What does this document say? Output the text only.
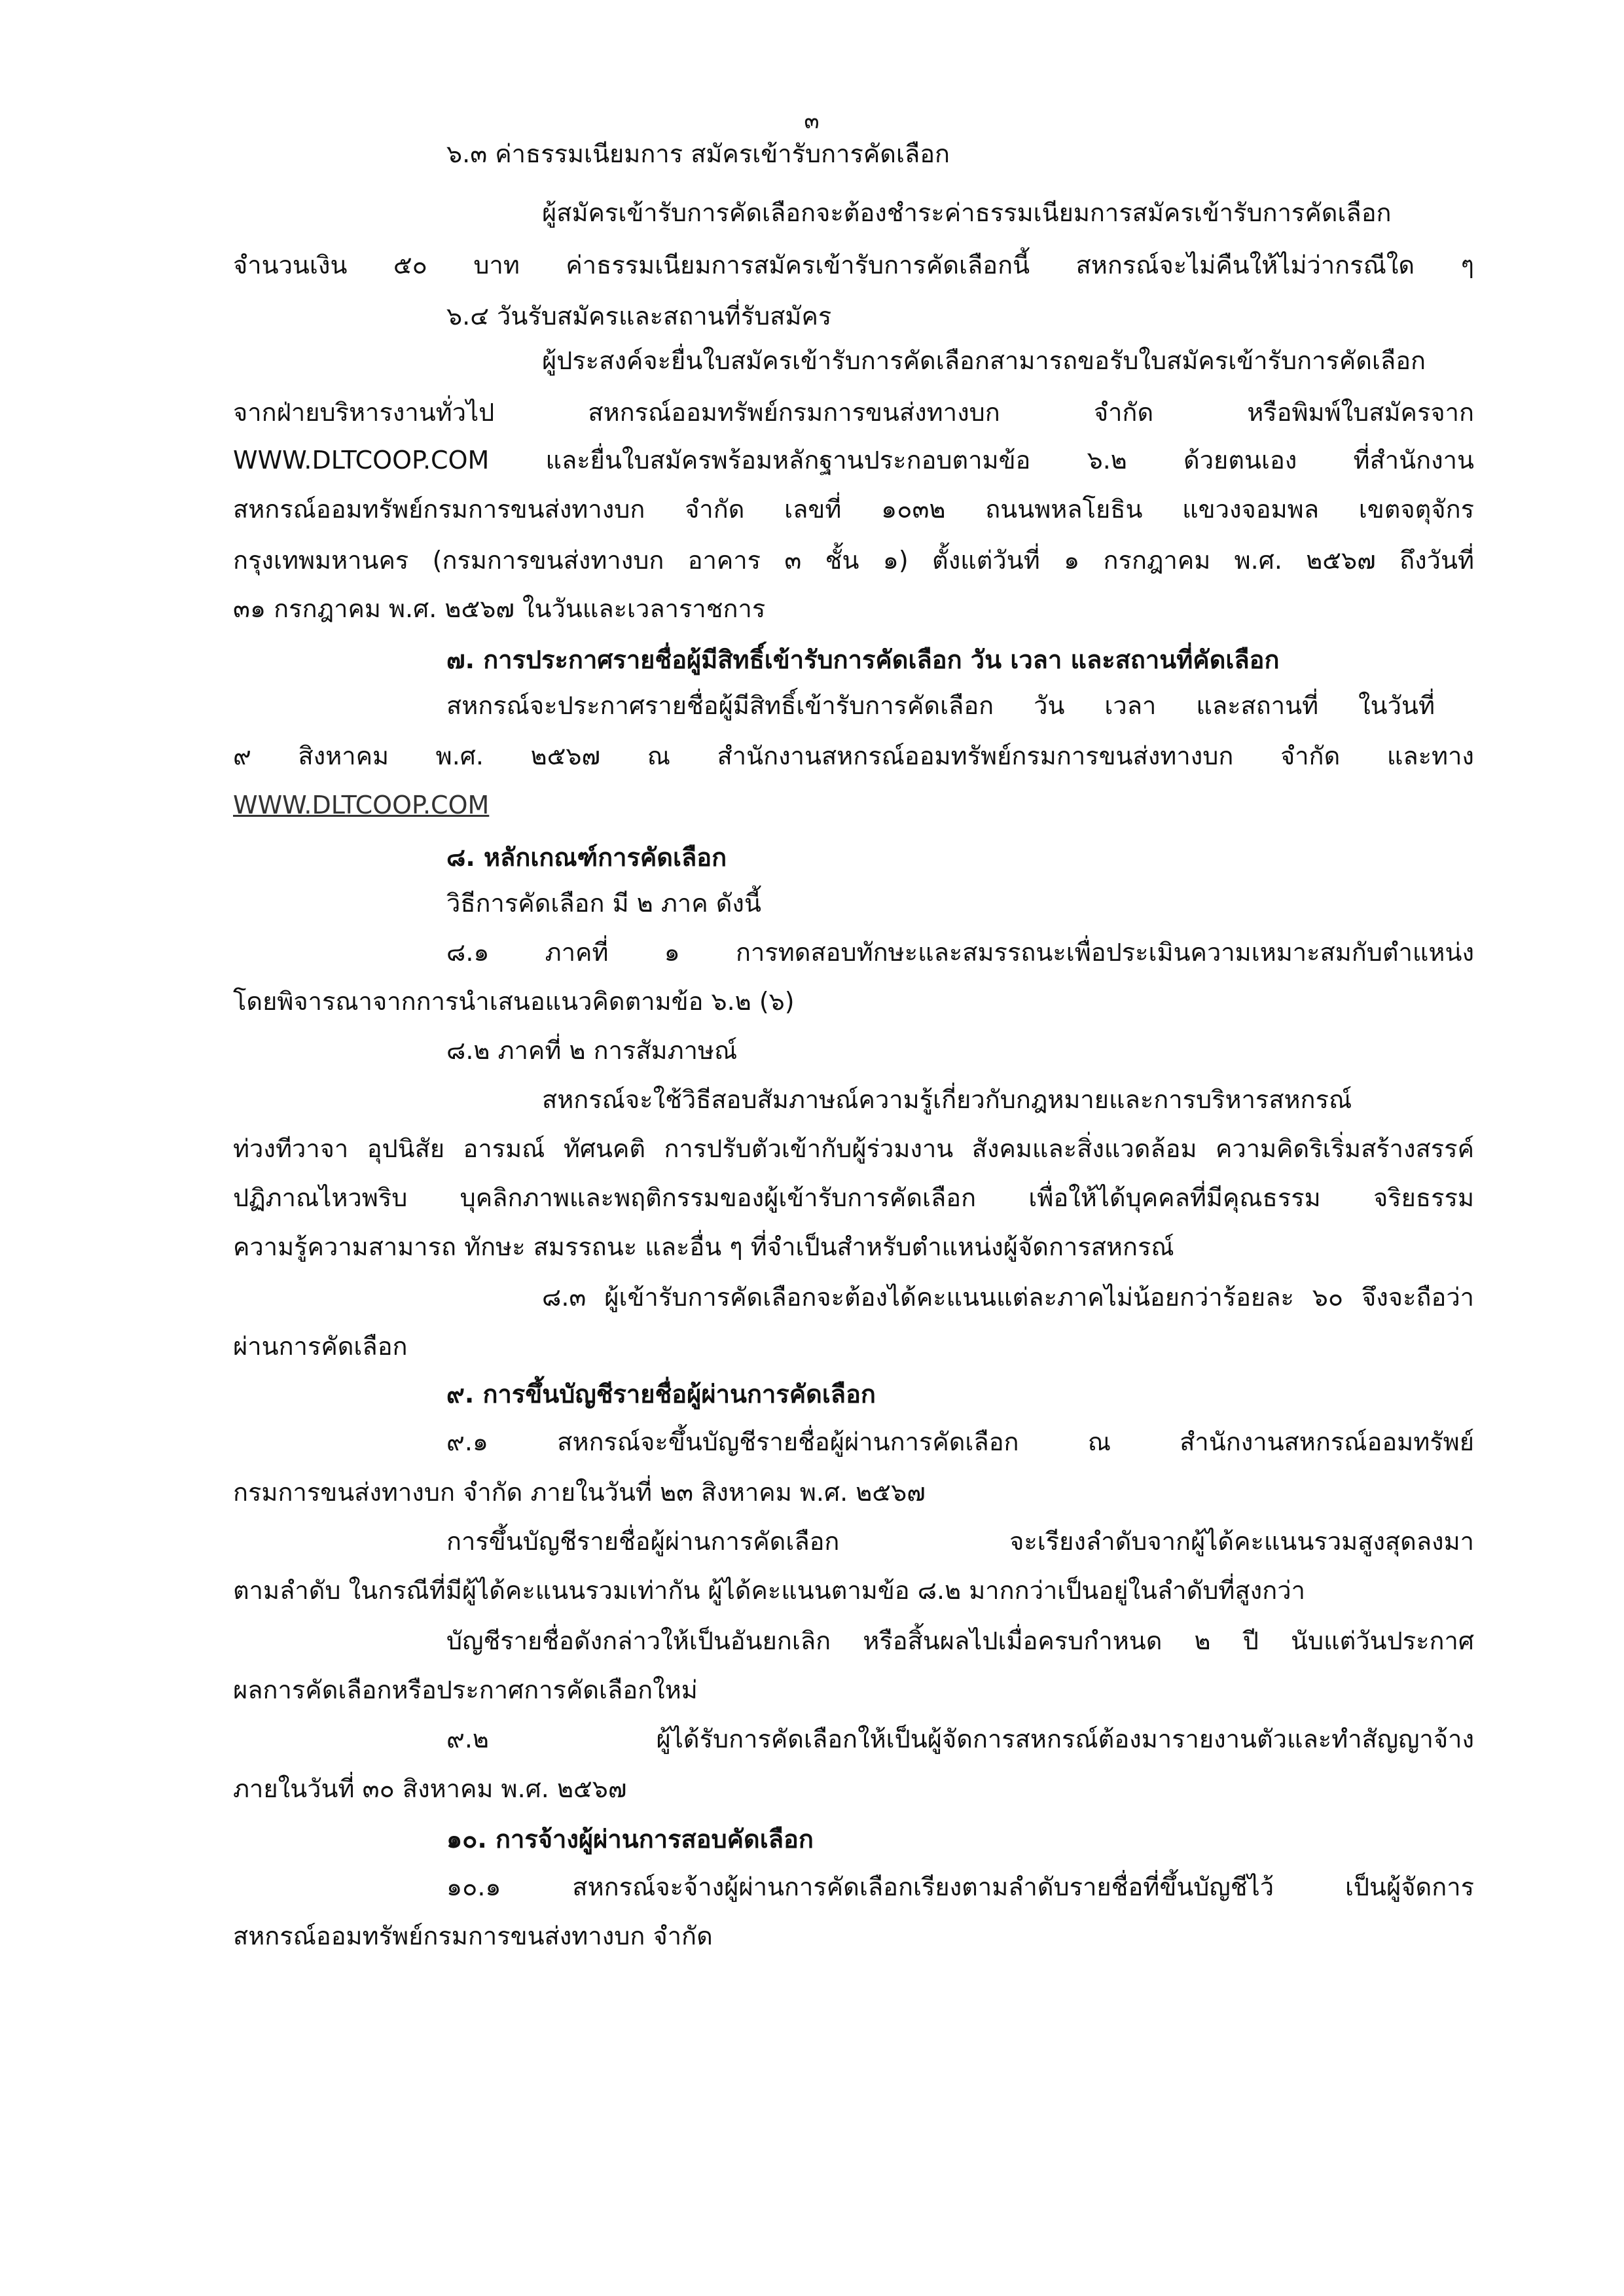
๓
๖.๓ ค่าธรรมเนียมการ สมัครเข้ารับการคัดเลือก
ผู้สมัครเข้ารับการคัดเลือกจะต้องชำระค่าธรรมเนียมการสมัครเข้ารับการคัดเลือก
จำนวนเงิน ๕๐ บาท ค่าธรรมเนียมการสมัครเข้ารับการคัดเลือกนี้ สหกรณ์จะไม่คืนให้ไม่ว่ากรณีใด ๆ
๖.๔ วันรับสมัครและสถานที่รับสมัคร
ผู้ประสงค์จะยื่นใบสมัครเข้ารับการคัดเลือกสามารถขอรับใบสมัครเข้ารับการคัดเลือก
จากฝ่ายบริหารงานทั่วไป สหกรณ์ออมทรัพย์กรมการขนส่งทางบก จำกัด หรือพิมพ์ใบสมัครจาก
WWW.DLTCOOP.COM และยื่นใบสมัครพร้อมหลักฐานประกอบตามข้อ ๖.๒ ด้วยตนเอง ที่สำนักงาน
สหกรณ์ออมทรัพย์กรมการขนส่งทางบก จำกัด เลขที่ ๑๐๓๒ ถนนพหลโยธิน แขวงจอมพล เขตจตุจักร
กรุงเทพมหานคร (กรมการขนส่งทางบก อาคาร ๓ ชั้น ๑) ตั้งแต่วันที่ ๑ กรกฎาคม พ.ศ. ๒๕๖๗ ถึงวันที่
๓๑ กรกฎาคม พ.ศ. ๒๕๖๗ ในวันและเวลาราชการ
๗. การประกาศรายชื่อผู้มีสิทธิ์เข้ารับการคัดเลือก วัน เวลา และสถานที่คัดเลือก
สหกรณ์จะประกาศรายชื่อผู้มีสิทธิ์เข้ารับการคัดเลือก วัน เวลา และสถานที่ ในวันที่
๙ สิงหาคม พ.ศ. ๒๕๖๗ ณ สำนักงานสหกรณ์ออมทรัพย์กรมการขนส่งทางบก จำกัด และทาง
WWW.DLTCOOP.COM
๘. หลักเกณฑ์การคัดเลือก
วิธีการคัดเลือก มี ๒ ภาค ดังนี้
๘.๑ ภาคที่ ๑ การทดสอบทักษะและสมรรถนะเพื่อประเมินความเหมาะสมกับตำแหน่ง
โดยพิจารณาจากการนำเสนอแนวคิดตามข้อ ๖.๒ (๖)
๘.๒ ภาคที่ ๒ การสัมภาษณ์
สหกรณ์จะใช้วิธีสอบสัมภาษณ์ความรู้เกี่ยวกับกฎหมายและการบริหารสหกรณ์
ท่วงทีวาจา อุปนิสัย อารมณ์ ทัศนคติ การปรับตัวเข้ากับผู้ร่วมงาน สังคมและสิ่งแวดล้อม ความคิดริเริ่มสร้างสรรค์
ปฏิภาณไหวพริบ บุคลิกภาพและพฤติกรรมของผู้เข้ารับการคัดเลือก เพื่อให้ได้บุคคลที่มีคุณธรรม จริยธรรม
ความรู้ความสามารถ ทักษะ สมรรถนะ และอื่น ๆ ที่จำเป็นสำหรับตำแหน่งผู้จัดการสหกรณ์
๘.๓ ผู้เข้ารับการคัดเลือกจะต้องได้คะแนนแต่ละภาคไม่น้อยกว่าร้อยละ ๖๐ จึงจะถือว่า
ผ่านการคัดเลือก
๙. การขึ้นบัญชีรายชื่อผู้ผ่านการคัดเลือก
๙.๑ สหกรณ์จะขึ้นบัญชีรายชื่อผู้ผ่านการคัดเลือก ณ สำนักงานสหกรณ์ออมทรัพย์
กรมการขนส่งทางบก จำกัด ภายในวันที่ ๒๓ สิงหาคม พ.ศ. ๒๕๖๗
การขึ้นบัญชีรายชื่อผู้ผ่านการคัดเลือก จะเรียงลำดับจากผู้ได้คะแนนรวมสูงสุดลงมา
ตามลำดับ ในกรณีที่มีผู้ได้คะแนนรวมเท่ากัน ผู้ได้คะแนนตามข้อ ๘.๒ มากกว่าเป็นอยู่ในลำดับที่สูงกว่า
บัญชีรายชื่อดังกล่าวให้เป็นอันยกเลิก หรือสิ้นผลไปเมื่อครบกำหนด ๒ ปี นับแต่วันประกาศ
ผลการคัดเลือกหรือประกาศการคัดเลือกใหม่
๙.๒ ผู้ได้รับการคัดเลือกให้เป็นผู้จัดการสหกรณ์ต้องมารายงานตัวและทำสัญญาจ้าง
ภายในวันที่ ๓๐ สิงหาคม พ.ศ. ๒๕๖๗
๑๐. การจ้างผู้ผ่านการสอบคัดเลือก
๑๐.๑ สหกรณ์จะจ้างผู้ผ่านการคัดเลือกเรียงตามลำดับรายชื่อที่ขึ้นบัญชีไว้ เป็นผู้จัดการ
สหกรณ์ออมทรัพย์กรมการขนส่งทางบก จำกัด
